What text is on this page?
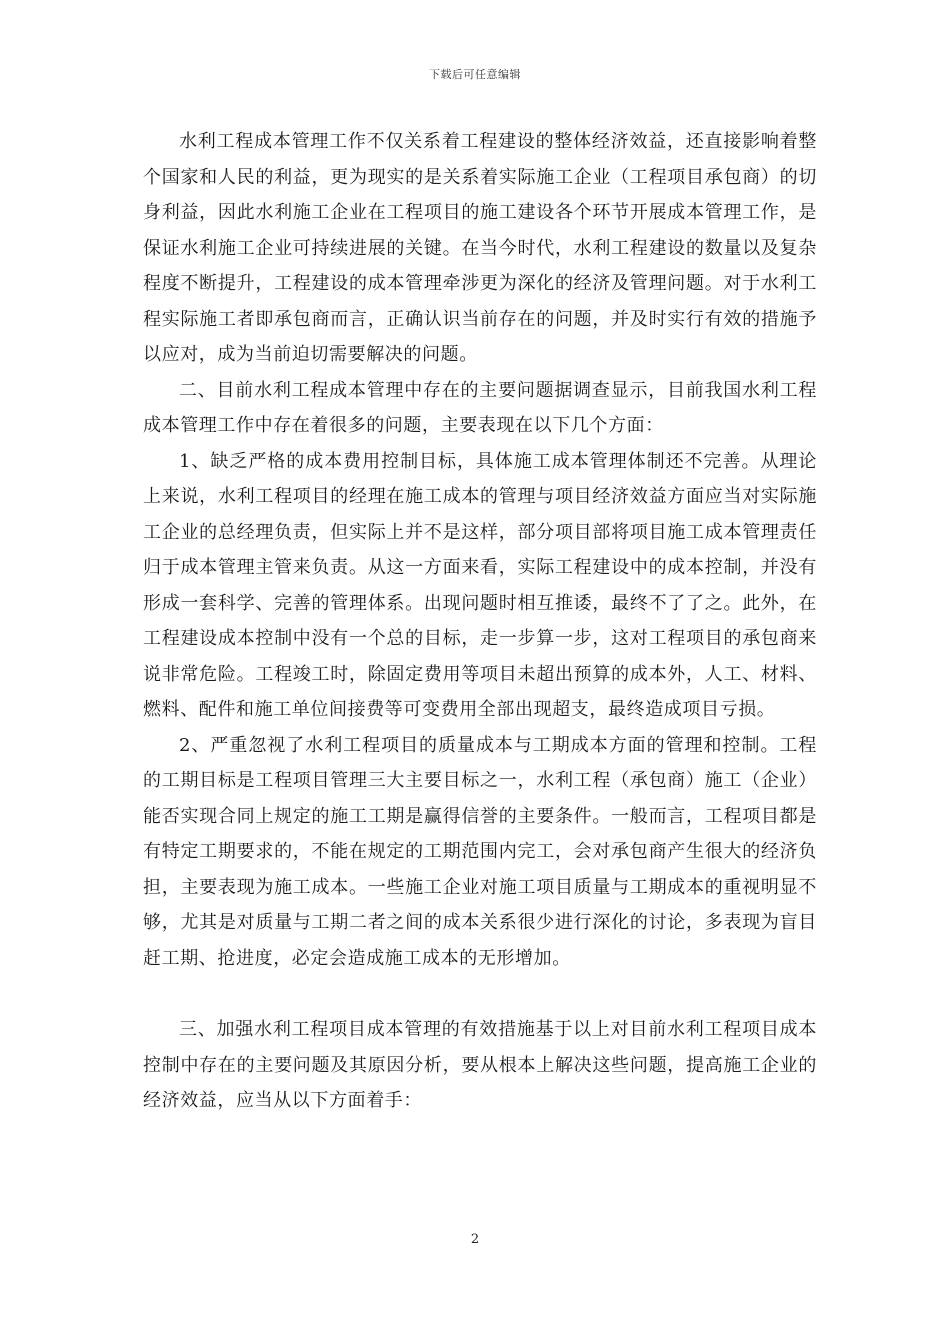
下载后可任意编辑

水利工程成本管理工作不仅关系着工程建设的整体经济效益，还直接影响着整个国家和人民的利益，更为现实的是关系着实际施工企业（工程项目承包商）的切身利益，因此水利施工企业在工程项目的施工建设各个环节开展成本管理工作，是保证水利施工企业可持续进展的关键。在当今时代，水利工程建设的数量以及复杂程度不断提升，工程建设的成本管理牵涉更为深化的经济及管理问题。对于水利工程实际施工者即承包商而言，正确认识当前存在的问题，并及时实行有效的措施予以应对，成为当前迫切需要解决的问题。

二、目前水利工程成本管理中存在的主要问题据调查显示，目前我国水利工程成本管理工作中存在着很多的问题，主要表现在以下几个方面：

1、缺乏严格的成本费用控制目标，具体施工成本管理体制还不完善。从理论上来说，水利工程项目的经理在施工成本的管理与项目经济效益方面应当对实际施工企业的总经理负责，但实际上并不是这样，部分项目部将项目施工成本管理责任归于成本管理主管来负责。从这一方面来看，实际工程建设中的成本控制，并没有形成一套科学、完善的管理体系。出现问题时相互推诿，最终不了了之。此外，在工程建设成本控制中没有一个总的目标，走一步算一步，这对工程项目的承包商来说非常危险。工程竣工时，除固定费用等项目未超出预算的成本外，人工、材料、燃料、配件和施工单位间接费等可变费用全部出现超支，最终造成项目亏损。

2、严重忽视了水利工程项目的质量成本与工期成本方面的管理和控制。工程的工期目标是工程项目管理三大主要目标之一，水利工程（承包商）施工（企业）能否实现合同上规定的施工工期是赢得信誉的主要条件。一般而言，工程项目都是有特定工期要求的，不能在规定的工期范围内完工，会对承包商产生很大的经济负担，主要表现为施工成本。一些施工企业对施工项目质量与工期成本的重视明显不够，尤其是对质量与工期二者之间的成本关系很少进行深化的讨论，多表现为盲目赶工期、抢进度，必定会造成施工成本的无形增加。

三、加强水利工程项目成本管理的有效措施基于以上对目前水利工程项目成本控制中存在的主要问题及其原因分析，要从根本上解决这些问题，提高施工企业的经济效益，应当从以下方面着手：

2
